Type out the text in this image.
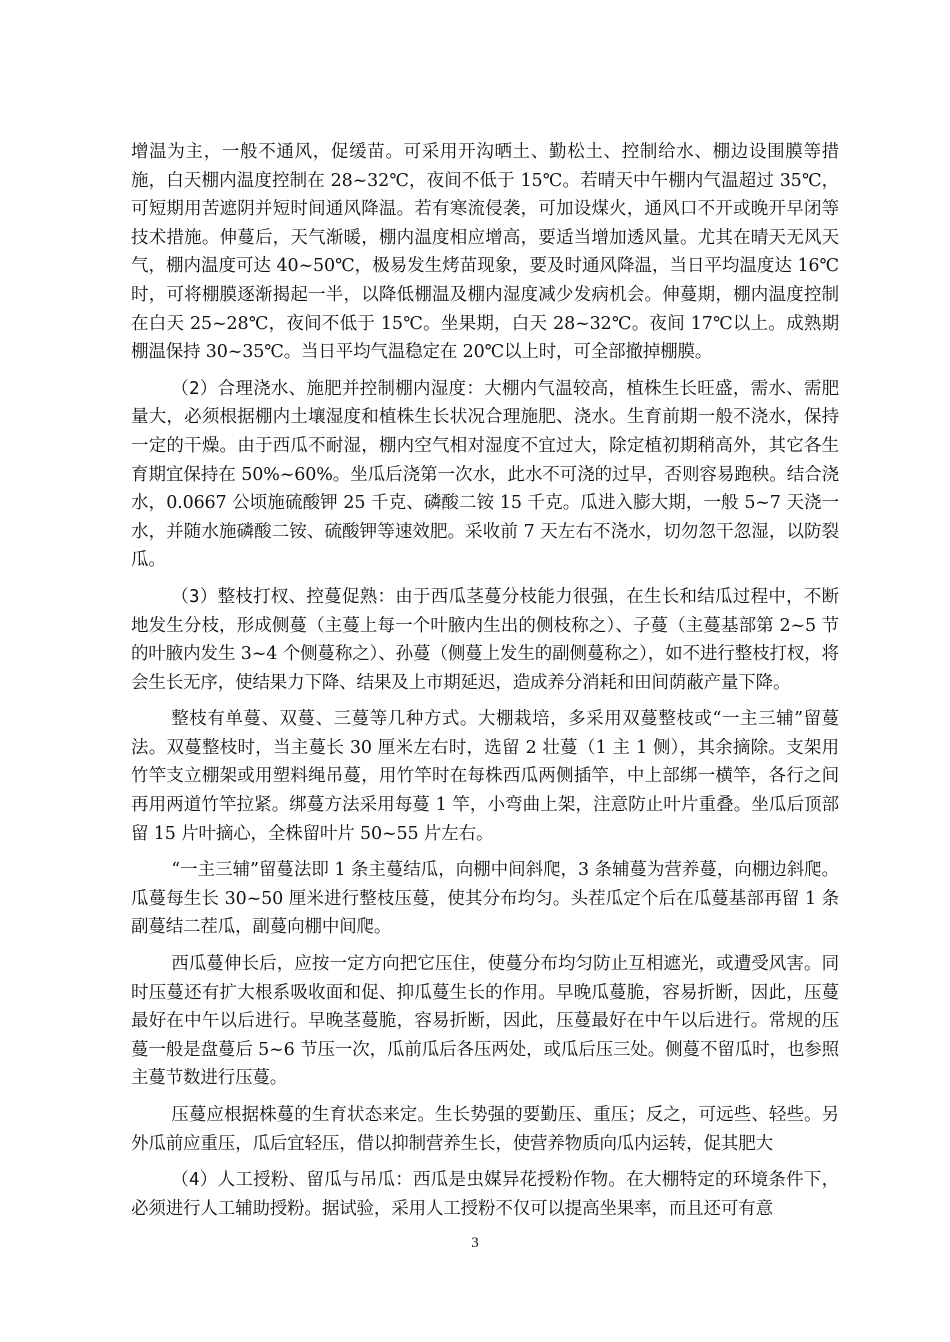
增温为主，一般不通风，促缓苗。可采用开沟晒土、勤松土、控制给水、棚边设围膜等措施，白天棚内温度控制在 28~32℃，夜间不低于 15℃。若晴天中午棚内气温超过 35℃，可短期用苦遮阴并短时间通风降温。若有寒流侵袭，可加设煤火，通风口不开或晚开早闭等技术措施。伸蔓后，天气渐暖，棚内温度相应增高，要适当增加透风量。尤其在晴天无风天气，棚内温度可达 40~50℃，极易发生烤苗现象，要及时通风降温，当日平均温度达 16℃时，可将棚膜逐渐揭起一半，以降低棚温及棚内湿度减少发病机会。伸蔓期，棚内温度控制在白天 25~28℃，夜间不低于 15℃。坐果期，白天 28~32℃。夜间 17℃以上。成熟期棚温保持 30~35℃。当日平均气温稳定在 20℃以上时，可全部撤掉棚膜。

（2）合理浇水、施肥并控制棚内湿度：大棚内气温较高，植株生长旺盛，需水、需肥量大，必须根据棚内土壤湿度和植株生长状况合理施肥、浇水。生育前期一般不浇水，保持一定的干燥。由于西瓜不耐湿，棚内空气相对湿度不宜过大，除定植初期稍高外，其它各生育期宜保持在 50%~60%。坐瓜后浇第一次水，此水不可浇的过早，否则容易跑秧。结合浇水，0.0667 公顷施硫酸钾 25 千克、磷酸二铵 15 千克。瓜进入膨大期，一般 5~7 天浇一水，并随水施磷酸二铵、硫酸钾等速效肥。采收前 7 天左右不浇水，切勿忽干忽湿，以防裂瓜。

（3）整枝打杈、控蔓促熟：由于西瓜茎蔓分枝能力很强，在生长和结瓜过程中，不断地发生分枝，形成侧蔓（主蔓上每一个叶腋内生出的侧枝称之）、子蔓（主蔓基部第 2~5 节的叶腋内发生 3~4 个侧蔓称之）、孙蔓（侧蔓上发生的副侧蔓称之），如不进行整枝打杈，将会生长无序，使结果力下降、结果及上市期延迟，造成养分消耗和田间荫蔽产量下降。

整枝有单蔓、双蔓、三蔓等几种方式。大棚栽培，多采用双蔓整枝或“一主三辅”留蔓法。双蔓整枝时，当主蔓长 30 厘米左右时，选留 2 壮蔓（1 主 1 侧），其余摘除。支架用竹竿支立棚架或用塑料绳吊蔓，用竹竿时在每株西瓜两侧插竿，中上部绑一横竿，各行之间再用两道竹竿拉紧。绑蔓方法采用每蔓 1 竿，小弯曲上架，注意防止叶片重叠。坐瓜后顶部留 15 片叶摘心，全株留叶片 50~55 片左右。

“一主三辅”留蔓法即 1 条主蔓结瓜，向棚中间斜爬，3 条辅蔓为营养蔓，向棚边斜爬。瓜蔓每生长 30~50 厘米进行整枝压蔓，使其分布均匀。头茬瓜定个后在瓜蔓基部再留 1 条副蔓结二茬瓜，副蔓向棚中间爬。

西瓜蔓伸长后，应按一定方向把它压住，使蔓分布均匀防止互相遮光，或遭受风害。同时压蔓还有扩大根系吸收面和促、抑瓜蔓生长的作用。早晚瓜蔓脆，容易折断，因此，压蔓最好在中午以后进行。早晚茎蔓脆，容易折断，因此，压蔓最好在中午以后进行。常规的压蔓一般是盘蔓后 5~6 节压一次，瓜前瓜后各压两处，或瓜后压三处。侧蔓不留瓜时，也参照主蔓节数进行压蔓。

压蔓应根据株蔓的生育状态来定。生长势强的要勤压、重压；反之，可远些、轻些。另外瓜前应重压，瓜后宜轻压，借以抑制营养生长，使营养物质向瓜内运转，促其肥大

（4）人工授粉、留瓜与吊瓜：西瓜是虫媒异花授粉作物。在大棚特定的环境条件下，必须进行人工辅助授粉。据试验，采用人工授粉不仅可以提高坐果率，而且还可有意

3
